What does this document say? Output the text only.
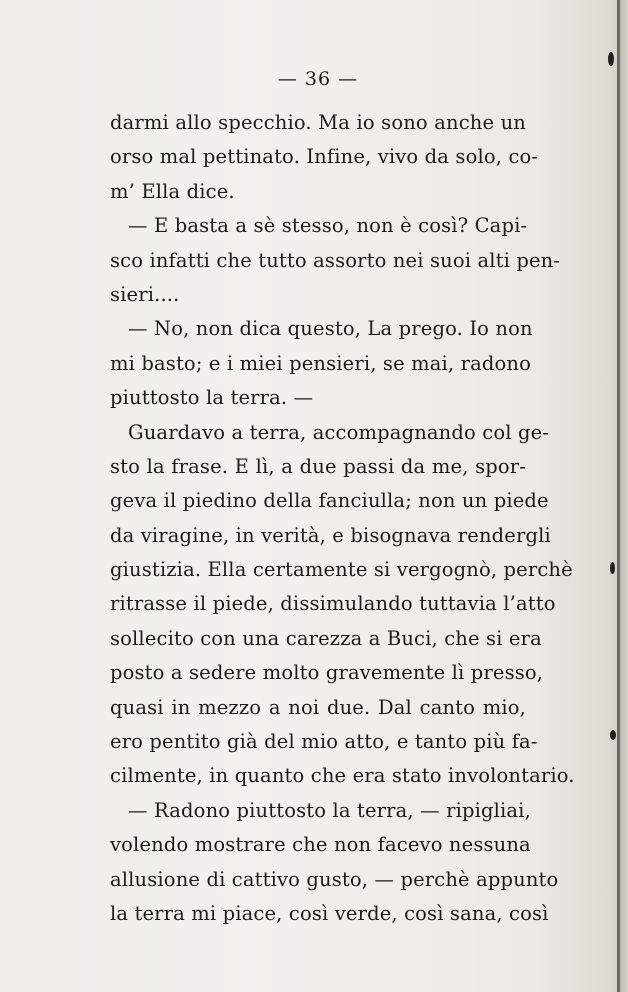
— 36 —
darmi allo specchio. Ma io sono anche un
orso mal pettinato. Infine, vivo da solo, co-
m’ Ella dice.
— E basta a sè stesso, non è così? Capi-
sco infatti che tutto assorto nei suoi alti pen-
sieri....
— No, non dica questo, La prego. Io non
mi basto; e i miei pensieri, se mai, radono
piuttosto la terra. —
Guardavo a terra, accompagnando col ge-
sto la frase. E lì, a due passi da me, spor-
geva il piedino della fanciulla; non un piede
da viragine, in verità, e bisognava rendergli
giustizia. Ella certamente si vergognò, perchè
ritrasse il piede, dissimulando tuttavia l’atto
sollecito con una carezza a Buci, che si era
posto a sedere molto gravemente lì presso,
quasi in mezzo a noi due. Dal canto mio,
ero pentito già del mio atto, e tanto più fa-
cilmente, in quanto che era stato involontario.
— Radono piuttosto la terra, — ripigliai,
volendo mostrare che non facevo nessuna
allusione di cattivo gusto, — perchè appunto
la terra mi piace, così verde, così sana, così
